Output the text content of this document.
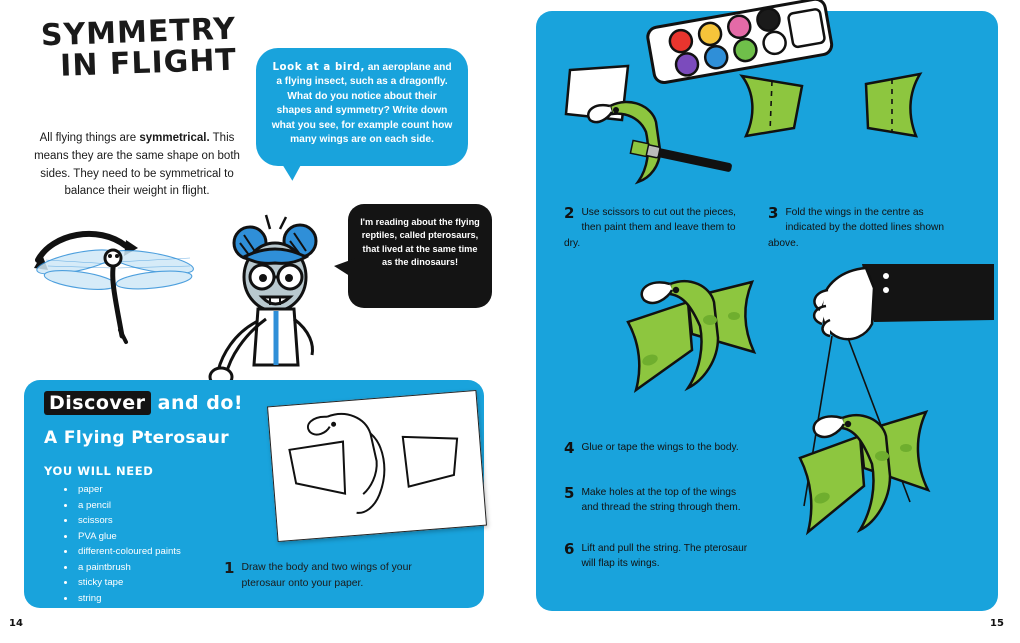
SYMMETRY
IN FLIGHT
All flying things are symmetrical. This means they are the same shape on both sides. They need to be symmetrical to balance their weight in flight.
Look at a bird, an aeroplane and a flying insect, such as a dragonfly. What do you notice about their shapes and symmetry? Write down what you see, for example count how many wings are on each side.
I'm reading about the flying reptiles, called pterosaurs, that lived at the same time as the dinosaurs!
Discover and do!
A Flying Pterosaur
YOU WILL NEED
• paper
• a pencil
• scissors
• PVA glue
• different-coloured paints
• a paintbrush
• sticky tape
• string
1 Draw the body and two wings of your pterosaur onto your paper.
2 Use scissors to cut out the pieces, then paint them and leave them to dry.
3 Fold the wings in the centre as indicated by the dotted lines shown above.
4 Glue or tape the wings to the body.
5 Make holes at the top of the wings and thread the string through them.
6 Lift and pull the string. The pterosaur will flap its wings.
14	15
